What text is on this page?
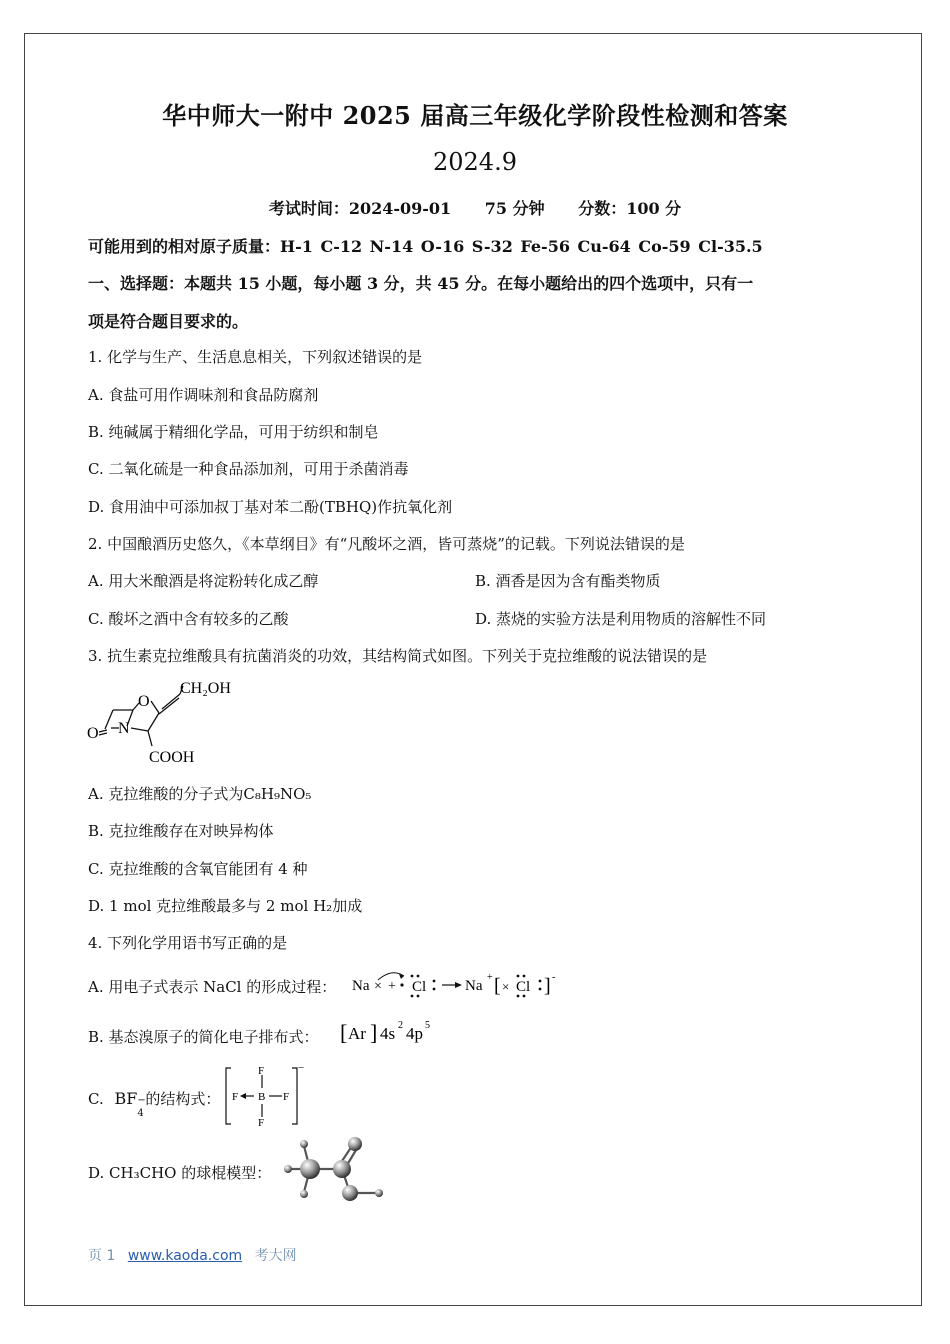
华中师大一附中 2025 届高三年级化学阶段性检测和答案
2024.9
考试时间：2024-09-01 75 分钟 分数：100 分
可能用到的相对原子质量：H-1 C-12 N-14 O-16 S-32 Fe-56 Cu-64 Co-59 Cl-35.5
一、选择题：本题共 15 小题，每小题 3 分，共 45 分。在每小题给出的四个选项中，只有一
项是符合题目要求的。
1. 化学与生产、生活息息相关，下列叙述错误的是
A. 食盐可用作调味剂和食品防腐剂
B. 纯碱属于精细化学品，可用于纺织和制皂
C. 二氧化硫是一种食品添加剂，可用于杀菌消毒
D. 食用油中可添加叔丁基对苯二酚(TBHQ)作抗氧化剂
2. 中国酿酒历史悠久，《本草纲目》有“凡酸坏之酒，皆可蒸烧”的记载。下列说法错误的是
A. 用大米酿酒是将淀粉转化成乙醇	B. 酒香是因为含有酯类物质
C. 酸坏之酒中含有较多的乙酸	D. 蒸烧的实验方法是利用物质的溶解性不同
3. 抗生素克拉维酸具有抗菌消炎的功效，其结构简式如图。下列关于克拉维酸的说法错误的是
O N
O
CH₂OH
COOH
A. 克拉维酸的分子式为C₈H₉NO₅
B. 克拉维酸存在对映异构体
C. 克拉维酸的含氧官能团有 4 种
D. 1 mol 克拉维酸最多与 2 mol H₂加成
4. 下列化学用语书写正确的是
A. 用电子式表示 NaCl 的形成过程： Na × + Cl	Na
+ [ × Cl ] -
B. 基态溴原子的简化电子排布式： [ Ar ] 4s 2 4p 5
C. BF −
4
的结构式：
F
F B F
F
−
D. CH₃CHO 的球棍模型：
页 1 www.kaoda.com 考大网
